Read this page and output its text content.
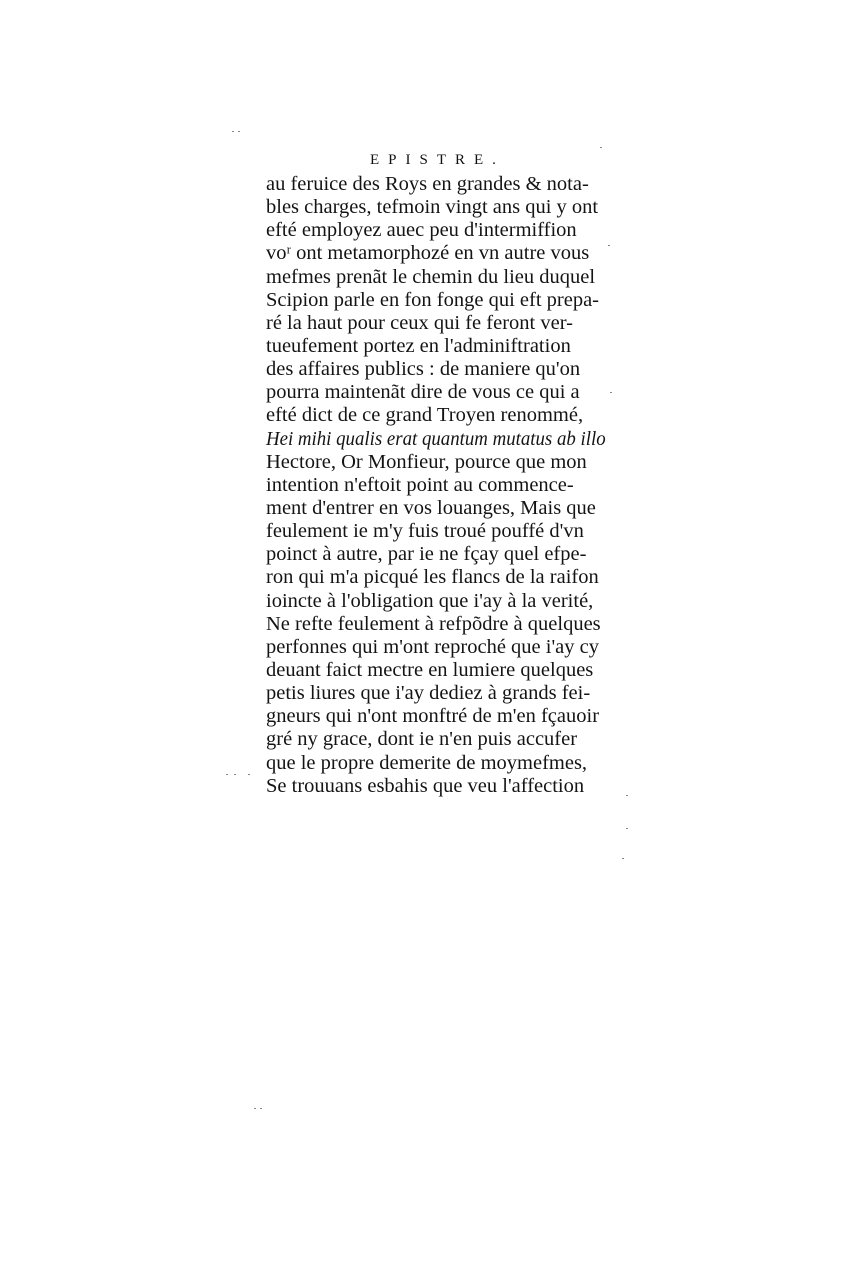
EPISTRE.
au feruice des Roys en grandes & nota-
bles charges, tefmoin vingt ans qui y ont
efté employez auec peu d'intermiffion
voʳ ont metamorphozé en vn autre vous
mefmes prenãt le chemin du lieu duquel
Scipion parle en fon fonge qui eft prepa-
ré la haut pour ceux qui fe feront ver-
tueufement portez en l'adminiftration
des affaires publics : de maniere qu'on
pourra maintenãt dire de vous ce qui a
efté dict de ce grand Troyen renommé,
Hei mihi qualis erat quantum mutatus ab illo
Hectore, Or Monfieur, pource que mon
intention n'eftoit point au commence-
ment d'entrer en vos louanges, Mais que
feulement ie m'y fuis troué pouffé d'vn
poinct à autre, par ie ne fçay quel efpe-
ron qui m'a picqué les flancs de la raifon
ioincte à l'obligation que i'ay à la verité,
Ne refte feulement à refpõdre à quelques
perfonnes qui m'ont reproché que i'ay cy
deuant faict mectre en lumiere quelques
petis liures que i'ay dediez à grands fei-
gneurs qui n'ont monftré de m'en fçauoir
gré ny grace, dont ie n'en puis accufer
que le propre demerite de moymefmes,
Se trouuans esbahis que veu l'affection
